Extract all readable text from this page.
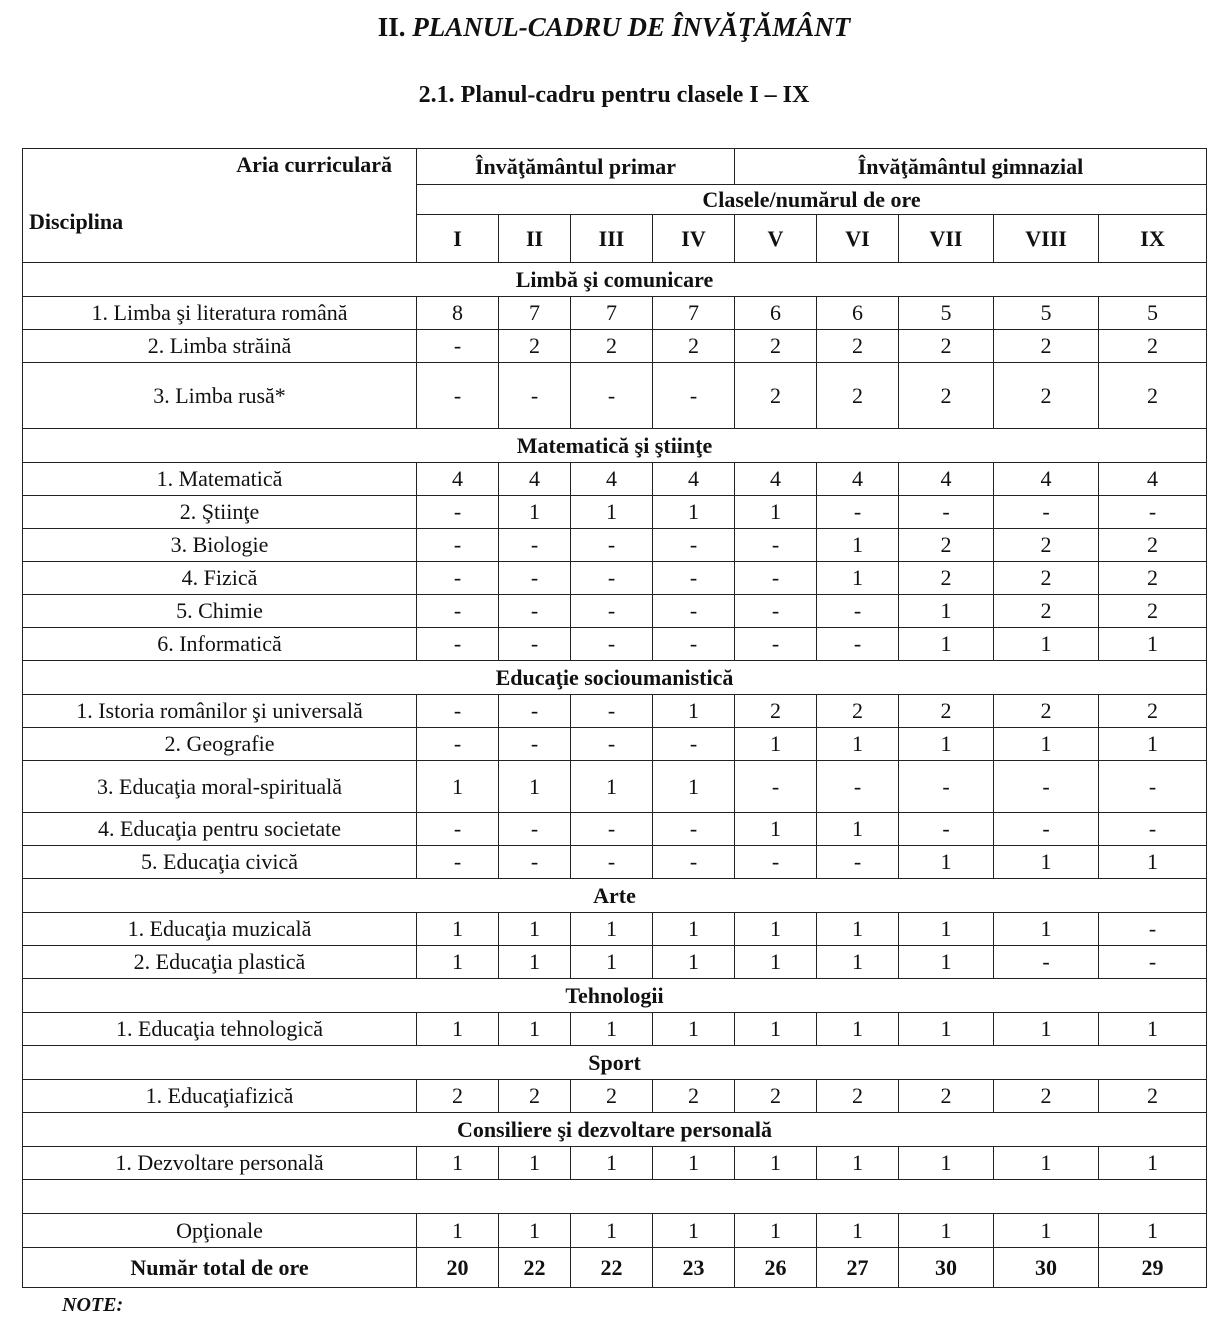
II. PLANUL-CADRU DE ÎNVĂŢĂMÂNT
2.1. Planul-cadru pentru clasele I – IX
Aria curriculară
Disciplina	Învăţământul primar				Învăţământul gimnazial				
	Clasele/numărul de ore								
	I	II	III	IV	V	VI	VII	VIII	IX
Limbă şi comunicare									
1. Limba şi literatura română	8	7	7	7	6	6	5	5	5
2. Limba străină	-	2	2	2	2	2	2	2	2
3. Limba rusă*	-	-	-	-	2	2	2	2	2
Matematică şi ştiinţe									
1. Matematică	4	4	4	4	4	4	4	4	4
2. Ştiinţe	-	1	1	1	1	-	-	-	-
3. Biologie	-	-	-	-	-	1	2	2	2
4. Fizică	-	-	-	-	-	1	2	2	2
5. Chimie	-	-	-	-	-	-	1	2	2
6. Informatică	-	-	-	-	-	-	1	1	1
Educaţie socioumanistică									
1. Istoria românilor şi universală	-	-	-	1	2	2	2	2	2
2. Geografie	-	-	-	-	1	1	1	1	1
3. Educaţia moral-spirituală	1	1	1	1	-	-	-	-	-
4. Educaţia pentru societate	-	-	-	-	1	1	-	-	-
5. Educaţia civică	-	-	-	-	-	-	1	1	1
Arte									
1. Educaţia muzicală	1	1	1	1	1	1	1	1	-
2. Educaţia plastică	1	1	1	1	1	1	1	-	-
Tehnologii									
1. Educaţia tehnologică	1	1	1	1	1	1	1	1	1
Sport									
1. Educaţiafizică	2	2	2	2	2	2	2	2	2
Consiliere şi dezvoltare personală									
1. Dezvoltare personală	1	1	1	1	1	1	1	1	1

Opţionale	1	1	1	1	1	1	1	1	1
Număr total de ore	20	22	22	23	26	27	30	30	29
NOTE:
